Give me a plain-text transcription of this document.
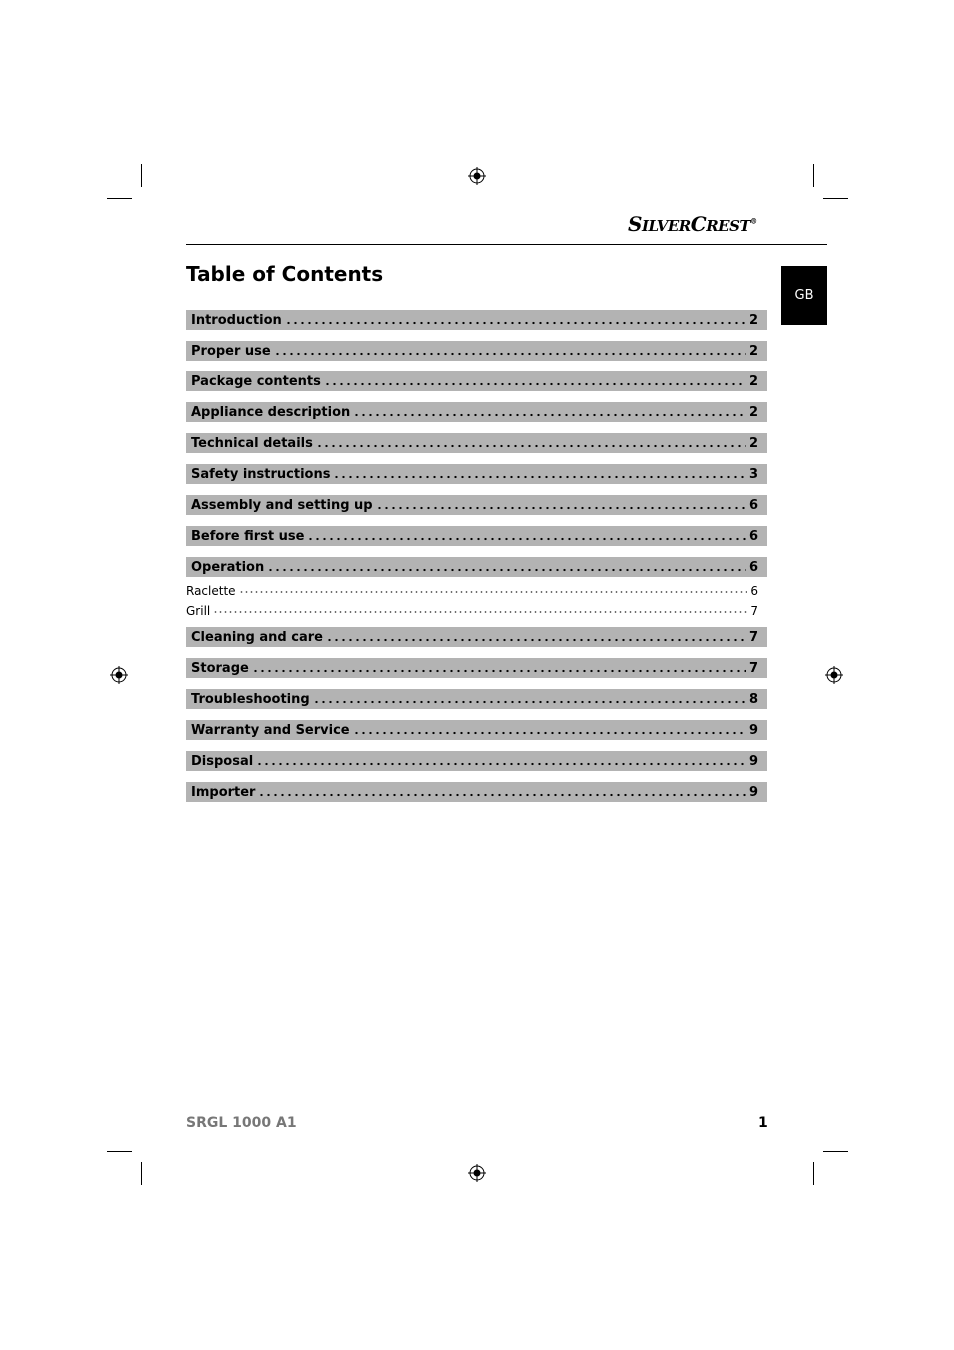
SILVERCREST®
Table of Contents
GB
Introduction	2
Proper use	2
Package contents	2
Appliance description	2
Technical details	2
Safety instructions	3
Assembly and setting up	6
Before first use	6
Operation	6
Raclette	6
Grill	7
Cleaning and care	7
Storage	7
Troubleshooting	8
Warranty and Service	9
Disposal	9
Importer	9
SRGL 1000 A1	1
